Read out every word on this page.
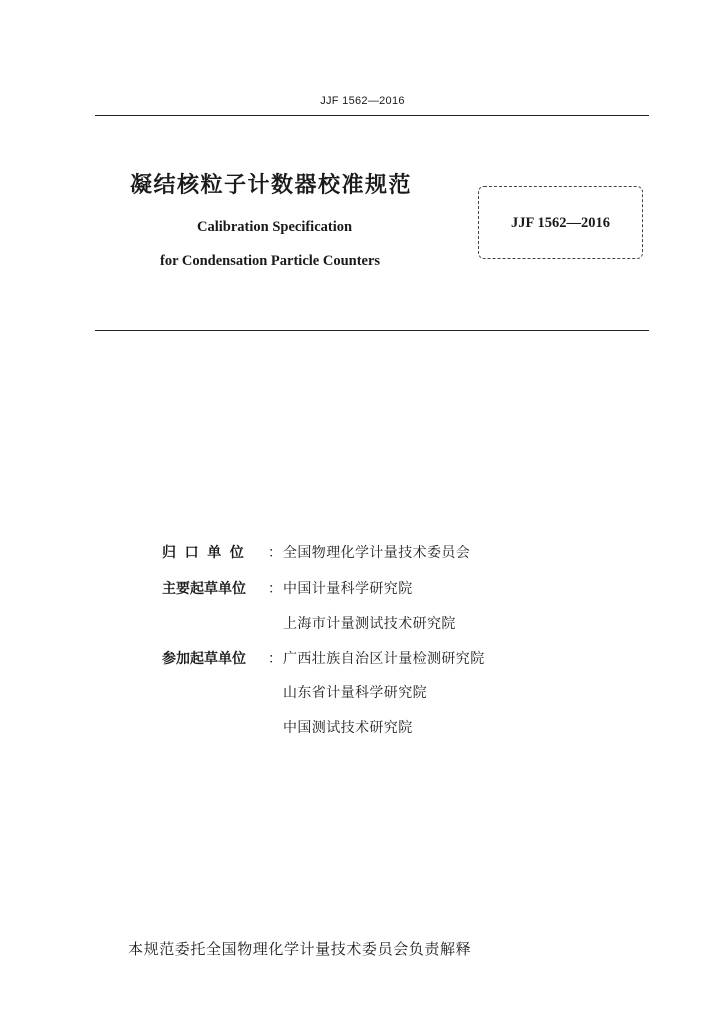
JJF 1562—2016
凝结核粒子计数器校准规范
Calibration Specification
for Condensation Particle Counters
JJF 1562—2016
归口单位 ： 全国物理化学计量技术委员会
主要起草单位 ： 中国计量科学研究院
上海市计量测试技术研究院
参加起草单位 ： 广西壮族自治区计量检测研究院
山东省计量科学研究院
中国测试技术研究院
本规范委托全国物理化学计量技术委员会负责解释
